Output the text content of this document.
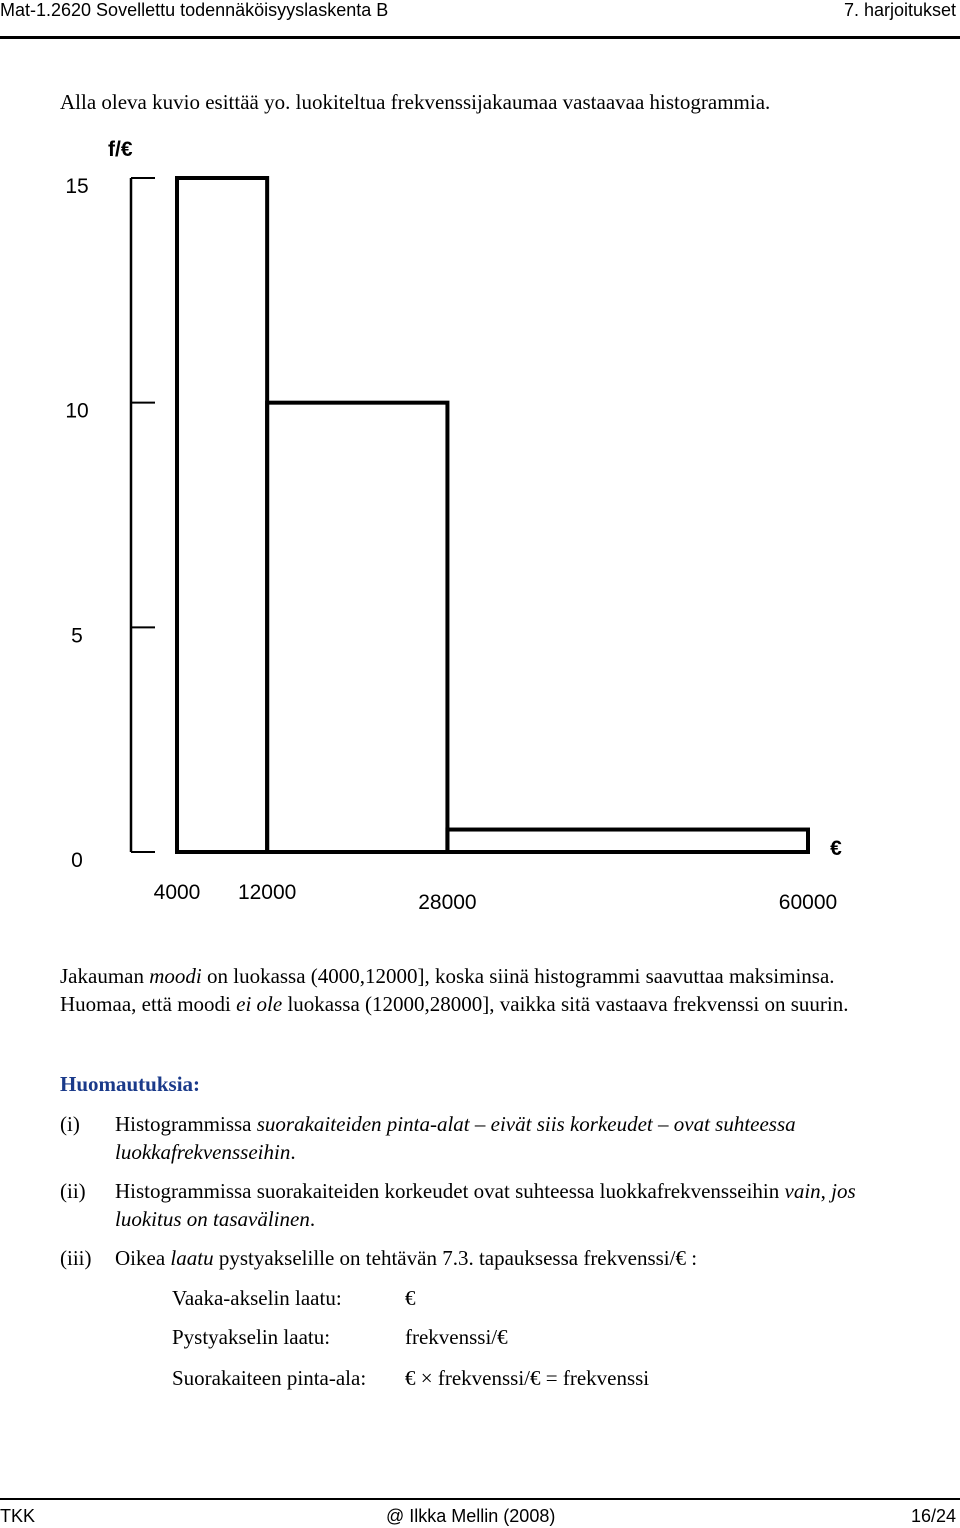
Mat-1.2620 Sovellettu todennäköisyyslaskenta B	7. harjoitukset
Alla oleva kuvio esittää yo. luokiteltua frekvenssijakaumaa vastaavaa histogrammia.
15
10
5
0
4000 12000	28000	60000
f/€
€
Jakauman moodi on luokassa (4000,12000], koska siinä histogrammi saavuttaa maksiminsa.
Huomaa, että moodi ei ole luokassa (12000,28000], vaikka sitä vastaava frekvenssi on suurin.
Huomautuksia:
(i) Histogrammissa suorakaiteiden pinta-alat – eivät siis korkeudet – ovat suhteessa
luokkafrekvensseihin.
(ii) Histogrammissa suorakaiteiden korkeudet ovat suhteessa luokkafrekvensseihin vain, jos
luokitus on tasavälinen.
(iii) Oikea laatu pystyakselille on tehtävän 7.3. tapauksessa frekvenssi/€ :
Vaaka-akselin laatu:	€
Pystyakselin laatu:	frekvenssi/€
Suorakaiteen pinta-ala: € × frekvenssi/€ = frekvenssi
TKK	@ Ilkka Mellin (2008)	16/24
